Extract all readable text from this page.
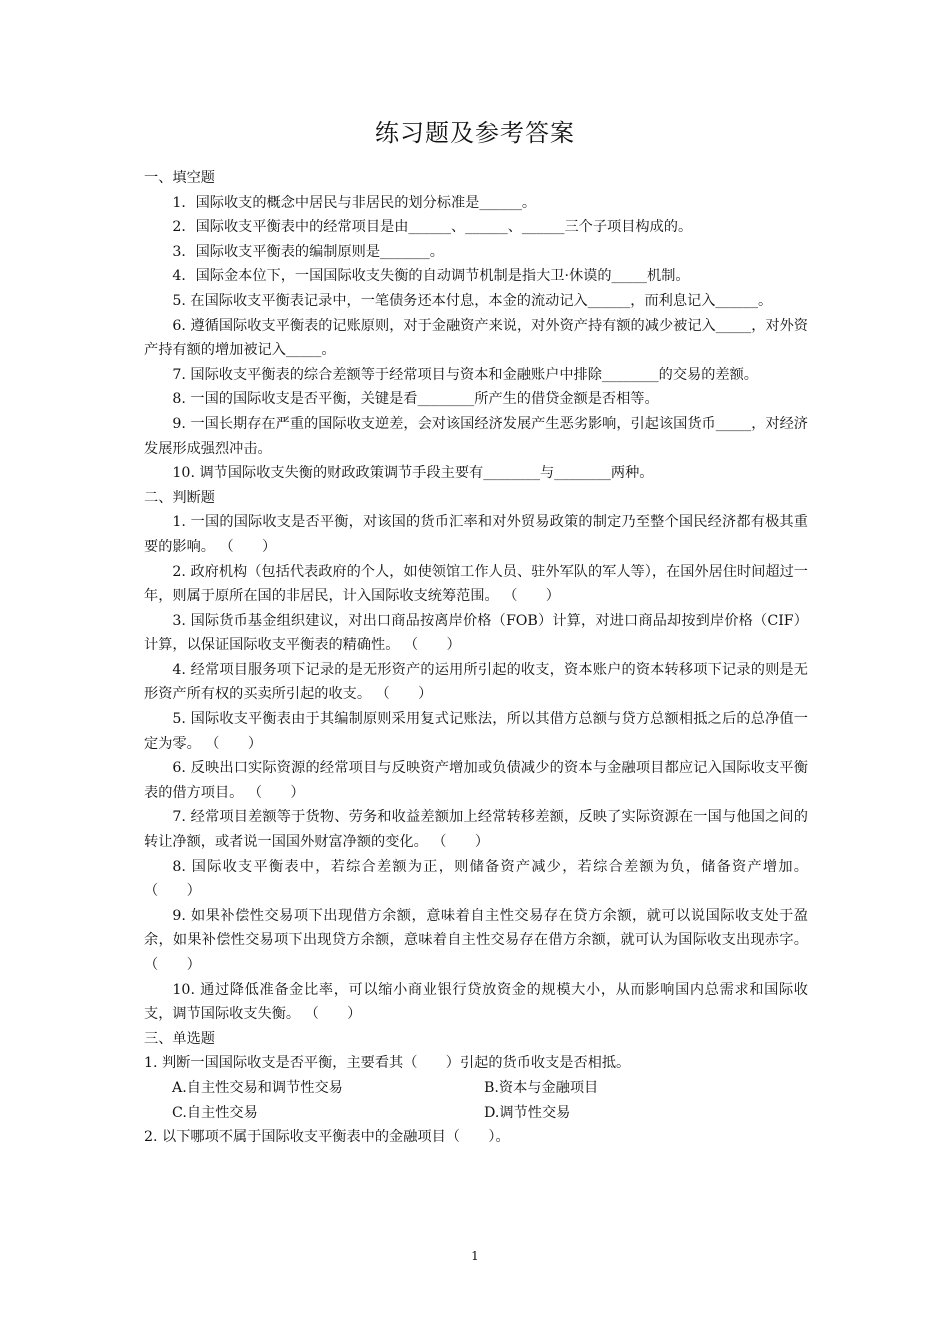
练习题及参考答案

一、填空题

1．国际收支的概念中居民与非居民的划分标准是______。

2．国际收支平衡表中的经常项目是由______、______、______三个子项目构成的。

3．国际收支平衡表的编制原则是_______。

4．国际金本位下，一国国际收支失衡的自动调节机制是指大卫·休谟的_____机制。

5. 在国际收支平衡表记录中，一笔债务还本付息，本金的流动记入______，而利息记入______。

6. 遵循国际收支平衡表的记账原则，对于金融资产来说，对外资产持有额的减少被记入_____，对外资产持有额的增加被记入_____。

7. 国际收支平衡表的综合差额等于经常项目与资本和金融账户中排除________的交易的差额。

8. 一国的国际收支是否平衡，关键是看________所产生的借贷金额是否相等。

9. 一国长期存在严重的国际收支逆差，会对该国经济发展产生恶劣影响，引起该国货币_____，对经济发展形成强烈冲击。

10. 调节国际收支失衡的财政政策调节手段主要有________与________两种。

二、判断题

1. 一国的国际收支是否平衡，对该国的货币汇率和对外贸易政策的制定乃至整个国民经济都有极其重要的影响。 （　　）

2. 政府机构（包括代表政府的个人，如使领馆工作人员、驻外军队的军人等），在国外居住时间超过一年，则属于原所在国的非居民，计入国际收支统筹范围。 （　　）

3. 国际货币基金组织建议，对出口商品按离岸价格（FOB）计算，对进口商品却按到岸价格（CIF）计算，以保证国际收支平衡表的精确性。 （　　）

4. 经常项目服务项下记录的是无形资产的运用所引起的收支，资本账户的资本转移项下记录的则是无形资产所有权的买卖所引起的收支。 （　　）

5. 国际收支平衡表由于其编制原则采用复式记账法，所以其借方总额与贷方总额相抵之后的总净值一定为零。 （　　）

6. 反映出口实际资源的经常项目与反映资产增加或负债减少的资本与金融项目都应记入国际收支平衡表的借方项目。 （　　）

7. 经常项目差额等于货物、劳务和收益差额加上经常转移差额，反映了实际资源在一国与他国之间的转让净额，或者说一国国外财富净额的变化。 （　　）

8. 国际收支平衡表中，若综合差额为正，则储备资产减少，若综合差额为负，储备资产增加。 （　　）

9. 如果补偿性交易项下出现借方余额，意味着自主性交易存在贷方余额，就可以说国际收支处于盈余，如果补偿性交易项下出现贷方余额，意味着自主性交易存在借方余额，就可认为国际收支出现赤字。 （　　）

10. 通过降低准备金比率，可以缩小商业银行贷放资金的规模大小，从而影响国内总需求和国际收支，调节国际收支失衡。 （　　）

三、单选题

1. 判断一国国际收支是否平衡，主要看其（　　）引起的货币收支是否相抵。

A.自主性交易和调节性交易	B.资本与金融项目

C.自主性交易	D.调节性交易

2. 以下哪项不属于国际收支平衡表中的金融项目（　　）。

1
